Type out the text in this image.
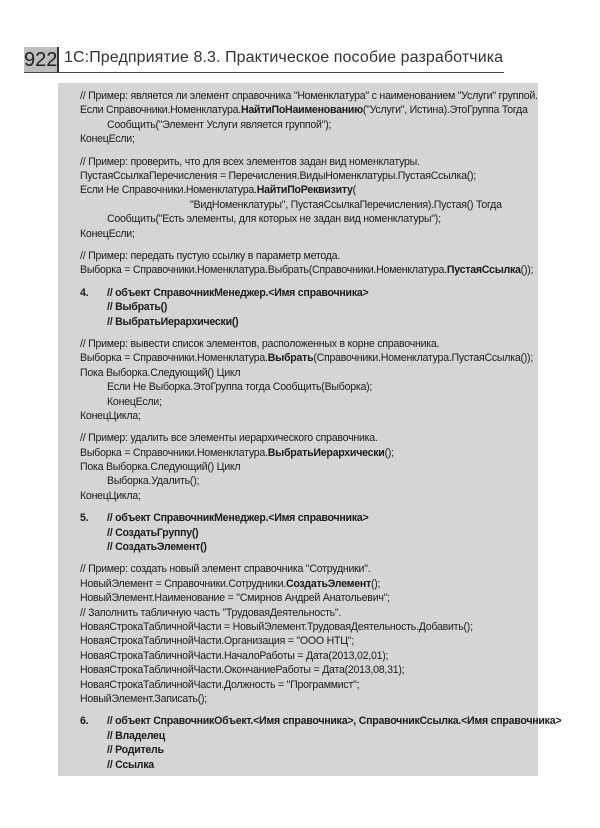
922 1С:Предприятие 8.3. Практическое пособие разработчика
// Пример: является ли элемент справочника "Номенклатура" с наименованием "Услуги" группой.
Если Справочники.Номенклатура.НайтиПоНаименованию("Услуги", Истина).ЭтоГруппа Тогда
Сообщить("Элемент Услуги является группой");
КонецЕсли;
// Пример: проверить, что для всех элементов задан вид номенклатуры.
ПустаяСсылкаПеречисления = Перечисления.ВидыНоменклатуры.ПустаяСсылка();
Если Не Справочники.Номенклатура.НайтиПоРеквизиту(
"ВидНоменклатуры", ПустаяСсылкаПеречисления).Пустая() Тогда
Сообщить("Есть элементы, для которых не задан вид номенклатуры");
КонецЕсли;
// Пример: передать пустую ссылку в параметр метода.
Выборка = Справочники.Номенклатура.Выбрать(Справочники.Номенклатура.ПустаяСсылка());
4. // объект СправочникМенеджер.<Имя справочника>
// Выбрать()
// ВыбратьИерархически()
// Пример: вывести список элементов, расположенных в корне справочника.
Выборка = Справочники.Номенклатура.Выбрать(Справочники.Номенклатура.ПустаяСсылка());
Пока Выборка.Следующий() Цикл
Если Не Выборка.ЭтоГруппа тогда Сообщить(Выборка);
КонецЕсли;
КонецЦикла;
// Пример: удалить все элементы иерархического справочника.
Выборка = Справочники.Номенклатура.ВыбратьИерархически();
Пока Выборка.Следующий() Цикл
Выборка.Удалить();
КонецЦикла;
5. // объект СправочникМенеджер.<Имя справочника>
// СоздатьГруппу()
// СоздатьЭлемент()
// Пример: создать новый элемент справочника "Сотрудники".
НовыйЭлемент = Справочники.Сотрудники.СоздатьЭлемент();
НовыйЭлемент.Наименование = "Смирнов Андрей Анатольевич";
// Заполнить табличную часть "ТрудоваяДеятельность".
НоваяСтрокаТабличнойЧасти = НовыйЭлемент.ТрудоваяДеятельность.Добавить();
НоваяСтрокаТабличнойЧасти.Организация = "ООО НТЦ";
НоваяСтрокаТабличнойЧасти.НачалоРаботы = Дата(2013,02,01);
НоваяСтрокаТабличнойЧасти.ОкончаниеРаботы = Дата(2013,08,31);
НоваяСтрокаТабличнойЧасти.Должность = "Программист";
НовыйЭлемент.Записать();
6. // объект СправочникОбъект.<Имя справочника>, СправочникСсылка.<Имя справочника>
// Владелец
// Родитель
// Ссылка
